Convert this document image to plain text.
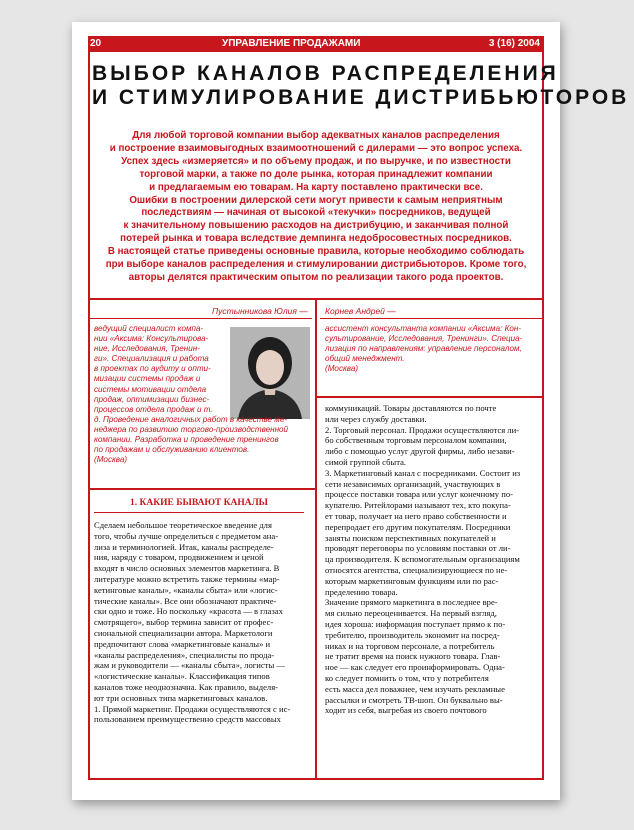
20	УПРАВЛЕНИЕ ПРОДАЖАМИ	3 (16) 2004
ВЫБОР КАНАЛОВ РАСПРЕДЕЛЕНИЯ
И СТИМУЛИРОВАНИЕ ДИСТРИБЬЮТОРОВ
Для любой торговой компании выбор адекватных каналов распределения
и построение взаимовыгодных взаимоотношений с дилерами — это вопрос успеха.
Успех здесь «измеряется» и по объему продаж, и по выручке, и по известности
торговой марки, а также по доле рынка, которая принадлежит компании
и предлагаемым ею товарам. На карту поставлено практически все.
Ошибки в построении дилерской сети могут привести к самым неприятным
последствиям — начиная от высокой «текучки» посредников, ведущей
к значительному повышению расходов на дистрибуцию, и заканчивая полной
потерей рынка и товара вследствие демпинга недобросовестных посредников.
В настоящей статье приведены основные правила, которые необходимо соблюдать
при выборе каналов распределения и стимулировании дистрибьюторов. Кроме того,
авторы делятся практическим опытом по реализации такого рода проектов.
Пустынникова Юлия — Корнев Андрей —
ведущий специалист компа-
нии «Аксима: Консультирова-
ние, Исследования, Тренин-
ги». Специализация и работа
в проектах по аудиту и опти-
мизации системы продаж и
системы мотивации отдела
продаж, оптимизации бизнес-
процессов отдела продаж и т.
д. Проведение аналогичных работ в качестве ме-
неджера по развитию торгово-производственной
компании. Разработка и проведение тренингов
по продажам и обслуживанию клиентов.
(Москва)
ассистент консультанта компании «Аксима: Кон-
сультирование, Исследования, Тренинги». Специа-
лизация по направлениям: управление персоналом,
общий менеджмент.
(Москва)
1. КАКИЕ БЫВАЮТ КАНАЛЫ
Сделаем небольшое теоретическое введение для
того, чтобы лучше определиться с предметом ана-
лиза и терминологией. Итак, каналы распределе-
ния, наряду с товаром, продвижением и ценой
входят в число основных элементов маркетинга. В
литературе можно встретить также термины «мар-
кетинговые каналы», «каналы сбыта» или «логис-
тические каналы». Все они обозначают практиче-
ски одно и тоже. Но поскольку «красота — в глазах
смотрящего», выбор термина зависит от профес-
сиональной специализации автора. Маркетологи
предпочитают слова «маркетинговые каналы» и
«каналы распределения», специалисты по прода-
жам и руководители — «каналы сбыта», логисты —
«логистические каналы». Классификация типов
каналов тоже неоднозначна. Как правило, выделя-
ют три основных типа маркетинговых каналов.
1. Прямой маркетинг. Продажи осуществляются с ис-
пользованием преимущественно средств массовых
коммуникаций. Товары доставляются по почте
или через службу доставки.
2. Торговый персонал. Продажи осуществляются ли-
бо собственным торговым персоналом компании,
либо с помощью услуг другой фирмы, либо незави-
симой группой сбыта.
3. Маркетинговый канал с посредниками. Состоит из
сети независимых организаций, участвующих в
процессе поставки товара или услуг конечному по-
купателю. Ритейлорами называют тех, кто покупа-
ет товар, получает на него право собственности и
перепродает его другим покупателям. Посредники
заняты поиском перспективных покупателей и
проводят переговоры по условиям поставки от ли-
ца производителя. К вспомогательным организациям
относятся агентства, специализирующиеся по не-
которым маркетинговым функциям или по рас-
пределению товара.
Значение прямого маркетинга в последнее вре-
мя сильно переоценивается. На первый взгляд,
идея хороша: информация поступает прямо к по-
требителю, производитель экономит на посред-
никах и на торговом персонале, а потребитель
не тратит время на поиск нужного товара. Глав-
ное — как следует его проинформировать. Одна-
ко следует помнить о том, что у потребителя
есть масса дел поважнее, чем изучать рекламные
рассылки и смотреть ТВ-шоп. Он буквально вы-
ходит из себя, выгребая из своего почтового
